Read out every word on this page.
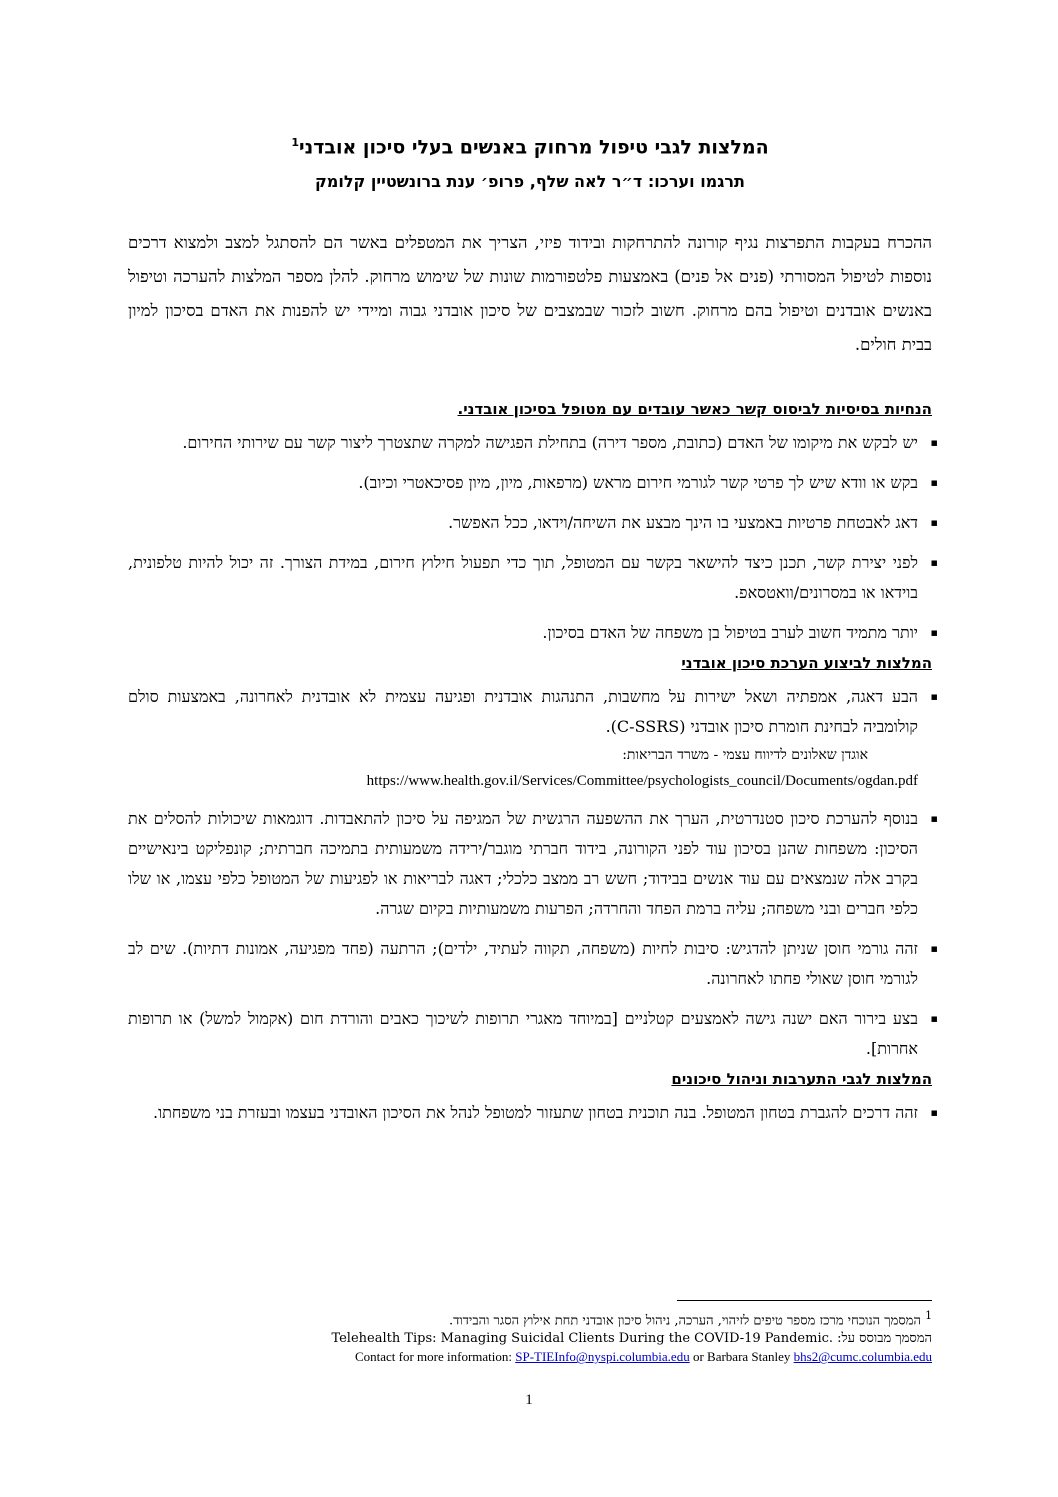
המלצות לגבי טיפול מרחוק באנשים בעלי סיכון אובדני$^1$

תרגמו וערכו: ד״ר לאה שלף, פרופ׳ ענת ברונשטיין קלומק

ההכרח בעקבות התפרצות נגיף קורונה להתרחקות ובידוד פיזי, הצריך את המטפלים באשר הם להסתגל למצב ולמצוא דרכים נוספות לטיפול המסורתי (פנים אל פנים) באמצעות פלטפורמות שונות של שימוש מרחוק. להלן מספר המלצות להערכה וטיפול באנשים אובדנים וטיפול בהם מרחוק. חשוב לזכור שבמצבים של סיכון אובדני גבוה ומיידי יש להפנות את האדם בסיכון למיון בבית חולים.

הנחיות בסיסיות לביסוס קשר כאשר עובדים עם מטופל בסיכון אובדני.
▪
יש לבקש את מיקומו של האדם (כתובת, מספר דירה) בתחילת הפגישה למקרה שתצטרך ליצור קשר עם שירותי החירום.
▪
בקש או וודא שיש לך פרטי קשר לגורמי חירום מראש (מרפאות, מיון, מיון פסיכאטרי וכיוב).
▪
דאג לאבטחת פרטיות באמצעי בו הינך מבצע את השיחה/וידאו, ככל האפשר.
▪
לפני יצירת קשר, תכנן כיצד להישאר בקשר עם המטופל, תוך כדי תפעול חילוץ חירום, במידת הצורך. זה יכול להיות טלפונית, בוידאו או במסרונים/וואטסאפ.
▪
יותר מתמיד חשוב לערב בטיפול בן משפחה של האדם בסיכון.
המלצות לביצוע הערכת סיכון אובדני
▪
הבע דאגה, אמפתיה ושאל ישירות על מחשבות, התנהגות אובדנית ופגיעה עצמית לא אובדנית לאחרונה, באמצעות סולם קולומביה לבחינת חומרת סיכון אובדני (C-SSRS).
אוגדן שאלונים לדיווח עצמי - משרד הבריאות:
https://www.health.gov.il/Services/Committee/psychologists_council/Documents/ogdan.pdf
▪
בנוסף להערכת סיכון סטנדרטית, הערך את ההשפעה הרגשית של המגיפה על סיכון להתאבדות. דוגמאות שיכולות להסלים את הסיכון: משפחות שהנן בסיכון עוד לפני הקורונה, בידוד חברתי מוגבר/ירידה משמעותית בתמיכה חברתית; קונפליקט בינאישיים בקרב אלה שנמצאים עם עוד אנשים בבידוד; חשש רב ממצב כלכלי; דאגה לבריאות או לפגיעות של המטופל כלפי עצמו, או שלו כלפי חברים ובני משפחה; עליה ברמת הפחד והחרדה; הפרעות משמעותיות בקיום שגרה.
▪
זהה גורמי חוסן שניתן להדגיש: סיבות לחיות (משפחה, תקווה לעתיד, ילדים); הרתעה (פחד מפגיעה, אמונות דתיות). שים לב לגורמי חוסן שאולי פחתו לאחרונה.
▪
בצע בירור האם ישנה גישה לאמצעים קטלניים [במיוחד מאגרי תרופות לשיכוך כאבים והורדת חום (אקמול למשל) או תרופות אחרות].
המלצות לגבי התערבות וניהול סיכונים
▪
זהה דרכים להגברת בטחון המטופל. בנה תוכנית בטחון שתעזור למטופל לנהל את הסיכון האובדני בעצמו ובעזרת בני משפחתו.
$^1$ המסמך הנוכחי מרכז מספר טיפים לזיהוי, הערכה, ניהול סיכון אובדני תחת אילוץ הסגר והבידוד.
המסמך מבוסס על: Telehealth Tips: Managing Suicidal Clients During the COVID-19 Pandemic.
Contact for more information: SP-TIEInfo@nyspi.columbia.edu or Barbara Stanley bhs2@cumc.columbia.edu
1
